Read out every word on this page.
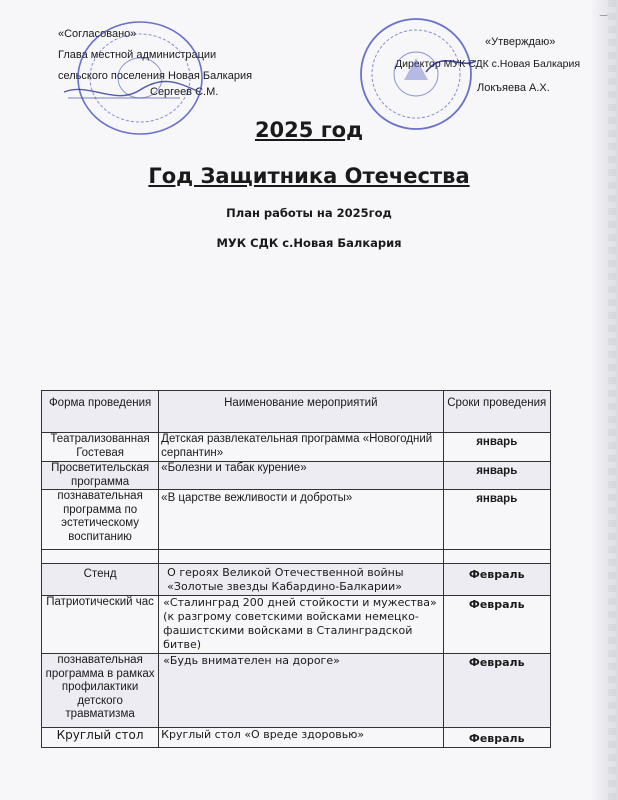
«Согласовано»
Глава местной администрации
сельского поселения Новая Балкария
Сергеев С.М.
«Утверждаю»
Директор МУК СДК с.Новая Балкария
Локъяева А.Х.
‿
2025 год
Год Защитника Отечества
План работы на 2025год
МУК СДК с.Новая Балкария
Форма проведения	Наименование мероприятий	Сроки проведения
Театрализованная Гостевая	Детская развлекательная программа «Новогодний серпантин»	январь
Просветительская программа	«Болезни и табак курение»	январь
познавательная программа по эстетическому воспитанию	«В царстве вежливости и доброты»	январь

Стенд	О героях Великой Отечественной войны «Золотые звезды Кабардино-Балкарии»	Февраль
Патриотический час	«Сталинград 200 дней стойкости и мужества» (к разгрому советскими войсками немецко-фашистскими войсками в Сталинградской битве)	Февраль
познавательная программа в рамках профилактики детского травматизма	«Будь внимателен на дороге»	Февраль
Круглый стол	Круглый стол «О вреде здоровью»	Февраль
